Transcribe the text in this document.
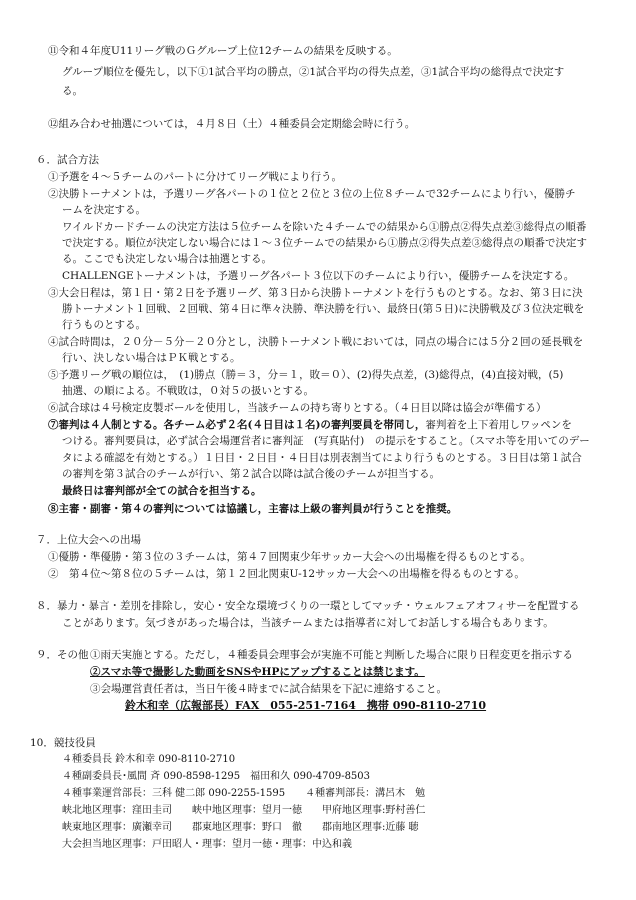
⑪令和４年度U11リーグ戦のＧグループ上位12チームの結果を反映する。
グループ順位を優先し，以下①1試合平均の勝点，②1試合平均の得失点差，③1試合平均の総得点で決定す
る。
⑫組み合わせ抽選については，４月８日（土）４種委員会定期総会時に行う。
６．試合方法
①予選を４～５チームのパートに分けてリーグ戦により行う。
②決勝トーナメントは，予選リーグ各パートの１位と２位と３位の上位８チームで32チームにより行い，優勝チ
ームを決定する。
ワイルドカードチームの決定方法は５位チームを除いた４チームでの結果から①勝点②得失点差③総得点の順番
で決定する。順位が決定しない場合には１～３位チームでの結果から①勝点②得失点差③総得点の順番で決定す
る。ここでも決定しない場合は抽選とする。
CHALLENGEトーナメントは，予選リーグ各パート３位以下のチームにより行い，優勝チームを決定する。
③大会日程は，第１日・第２日を予選リーグ、第３日から決勝トーナメントを行うものとする。なお、第３日に決
勝トーナメント１回戦、２回戦、第４日に準々決勝、準決勝を行い、最終日(第５日)に決勝戦及び３位決定戦を
行うものとする。
④試合時間は，２０分－５分－２０分とし，決勝トーナメント戦においては，同点の場合には５分２回の延長戦を
行い、決しない場合はＰＫ戦とする。
⑤予選リーグ戦の順位は，　(1)勝点（勝＝３，分＝１，敗＝０）、(2)得失点差，(3)総得点，(4)直接対戦，(5)
抽選、の順による。不戦敗は，０対５の扱いとする。
⑥試合球は４号検定皮製ボールを使用し，当該チームの持ち寄りとする。（４日目以降は協会が準備する）
⑦審判は４人制とする。各チーム必ず２名(４日目は１名)の審判要員を帯同し，審判着を上下着用しワッペンを
つける。審判要員は，必ず試合会場運営者に審判証　(写真貼付)　の提示をすること。（スマホ等を用いてのデー
タによる確認を有効とする。）１日目・２日目・４日目は別表割当てにより行うものとする。３日目は第１試合
の審判を第３試合のチームが行い、第２試合以降は試合後のチームが担当する。
最終日は審判部が全ての試合を担当する。
⑧主審・副審・第４の審判については協議し，主審は上級の審判員が行うことを推奨。
７．上位大会への出場
①優勝・準優勝・第３位の３チームは，第４７回関東少年サッカー大会への出場権を得るものとする。
②　第４位～第８位の５チームは，第１２回北関東U-12サッカー大会への出場権を得るものとする。
８．暴力・暴言・差別を排除し，安心・安全な環境づくりの一環としてマッチ・ウェルフェアオフィサーを配置する
ことがあります。気づきがあった場合は，当該チームまたは指導者に対してお話しする場合もあります。
９．その他 ①雨天実施とする。ただし，４種委員会理事会が実施不可能と判断した場合に限り日程変更を指示する
②スマホ等で撮影した動画をSNSやHPにアップすることは禁じます。
③会場運営責任者は，当日午後４時までに試合結果を下記に連絡すること。
鈴木和幸（広報部長）FAX　055-251-7164　携帯 090-8110-2710
10．競技役員
４種委員長 鈴木和幸 090-8110-2710
４種副委員長･風間 斉 090-8598-1295　福田和久 090-4709-8503
４種事業運営部長：三科 健二郎 090-2255-1595　　４種審判部長：溝呂木　勉
峡北地区理事：窪田圭司　　峡中地区理事：望月一徳　　甲府地区理事:野村善仁
峡東地区理事：廣瀬幸司　　郡東地区理事：野口　徹　　郡南地区理事:近藤 聴
大会担当地区理事：戸田昭人・理事：望月一徳・理事：中込和義
